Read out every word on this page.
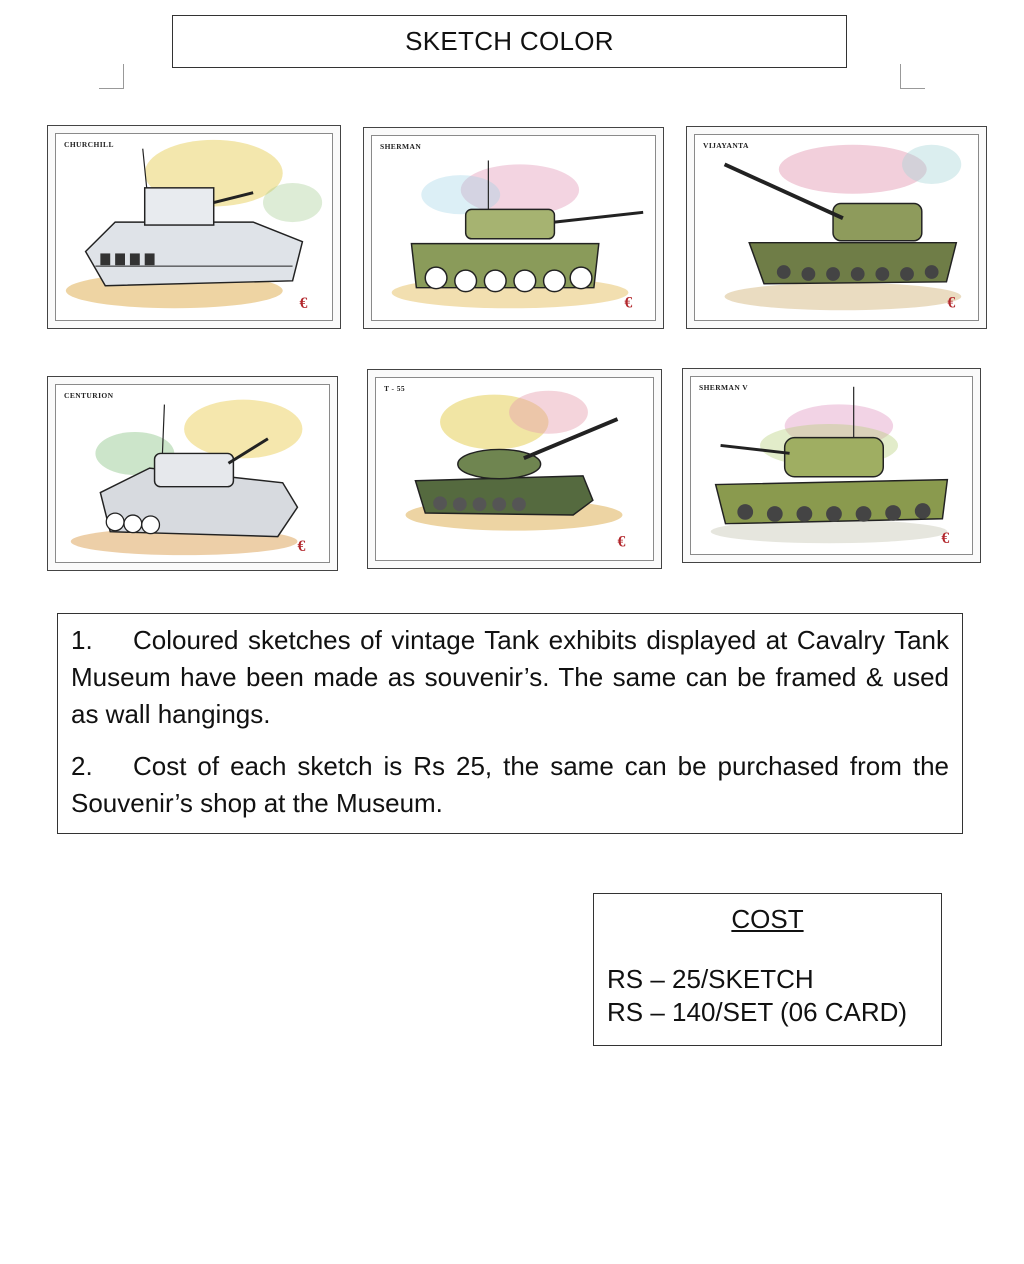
SKETCH COLOR
€
CHURCHILL
€
SHERMAN
€
VIJAYANTA
€
CENTURION
€
T - 55
€
SHERMAN V

1. Coloured sketches of vintage Tank exhibits displayed at Cavalry Tank Museum have been made as souvenir’s. The same can be framed & used as wall hangings.

2. Cost of each sketch is Rs 25, the same can be purchased from the Souvenir’s shop at the Museum.

COST
RS – 25/SKETCH
RS – 140/SET (06 CARD)
